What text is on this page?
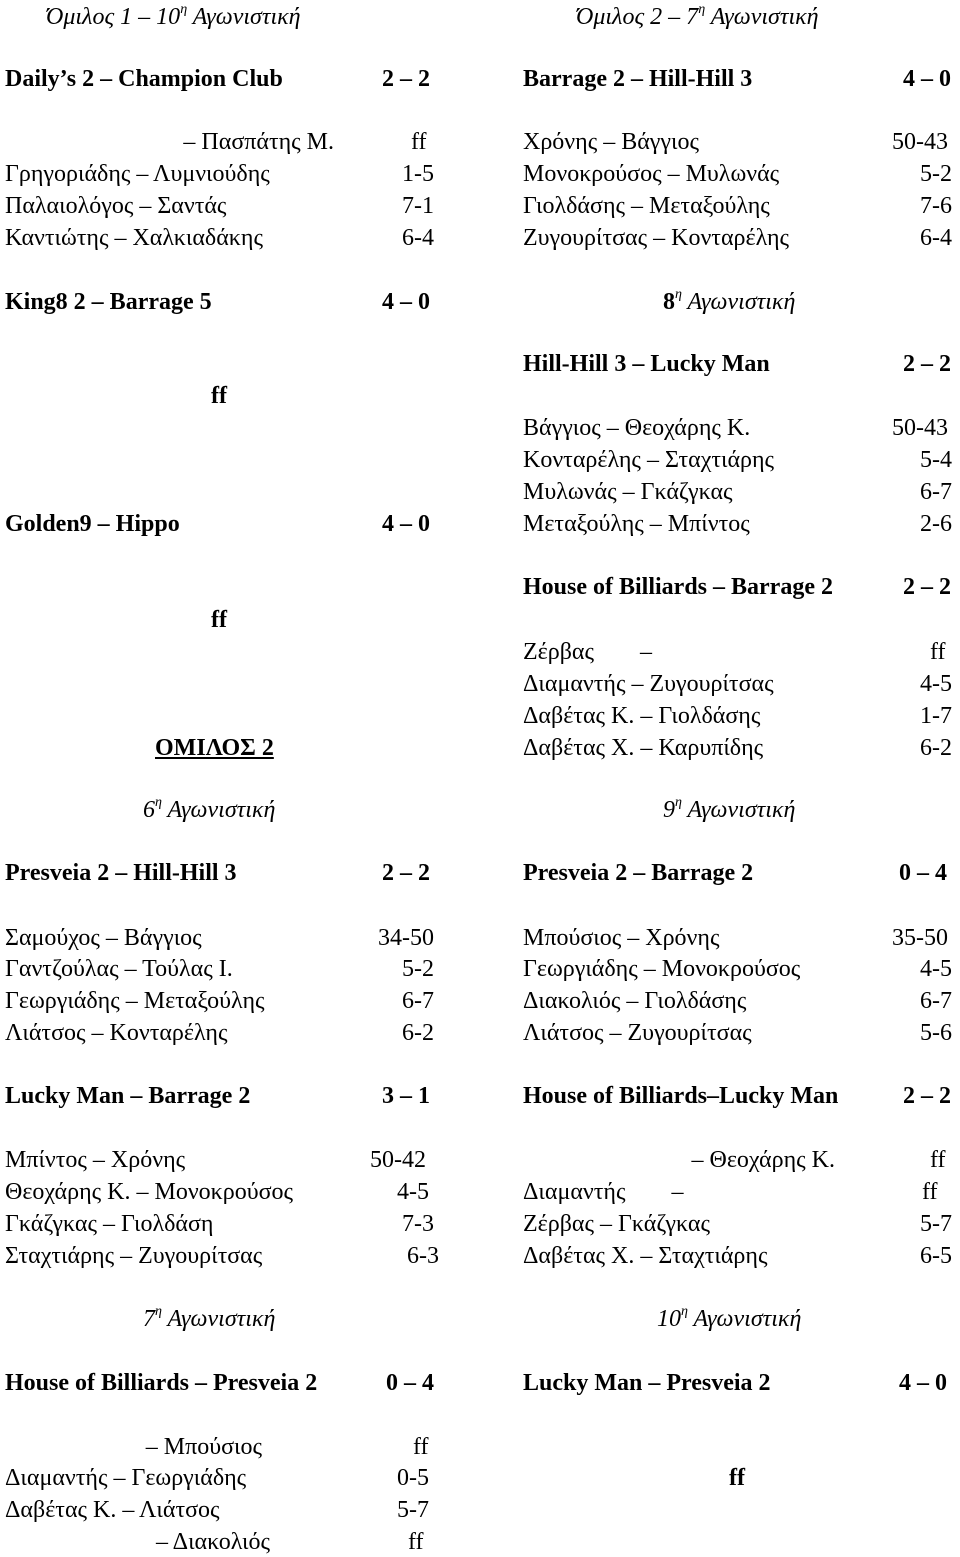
Όμιλος $1 - 10^\eta$ Αγωνιστική
Daily’s 2 – Champion Club	2 – 2
– Πασπάτης Μ.	ff
Γρηγοριάδης – Λυμνιούδης	1-5
Παλαιολόγος – Σαντάς	7-1
Καντιώτης – Χαλκιαδάκης	6-4
King8 2 – Barrage 5	4 – 0
ff
Golden9 – Hippo	4 – 0
ff
ΟΜΙΛΟΣ 2
$6^\eta$ Αγωνιστική
Presveia 2 – Hill-Hill 3	2 – 2
Σαμούχος – Βάγγιος	34-50
Γαντζούλας – Τούλας Ι.	5-2
Γεωργιάδης – Μεταξούλης	6-7
Λιάτσος – Κονταρέλης	6-2
Lucky Man – Barrage 2	3 – 1
Μπίντος – Χρόνης	50-42
Θεοχάρης Κ. – Μονοκρούσος	4-5
Γκάζγκας – Γιολδάση	7-3
Σταχτιάρης – Ζυγουρίτσας	6-3
$7^\eta$ Αγωνιστική
House of Billiards – Presveia 2	0 – 4
– Μπούσιος	ff
Διαμαντής – Γεωργιάδης	0-5
Δαβέτας Κ. – Λιάτσος	5-7
– Διακολιός	ff
Όμιλος $2 - 7^\eta$ Αγωνιστική
Barrage 2 – Hill-Hill 3	4 – 0
Χρόνης – Βάγγιος	50-43
Μονοκρούσος – Μυλωνάς	5-2
Γιολδάσης – Μεταξούλης	7-6
Ζυγουρίτσας – Κονταρέλης	6-4
$8^\eta$ Αγωνιστική
Hill-Hill 3 – Lucky Man	2 – 2
Βάγγιος – Θεοχάρης Κ.	50-43
Κονταρέλης – Σταχτιάρης	5-4
Μυλωνάς – Γκάζγκας	6-7
Μεταξούλης – Μπίντος	2-6
House of Billiards – Barrage 2	2 – 2
Ζέρβας –	ff
Διαμαντής – Ζυγουρίτσας	4-5
Δαβέτας Κ. – Γιολδάσης	1-7
Δαβέτας Χ. – Καρυπίδης	6-2
$9^\eta$ Αγωνιστική
Presveia 2 – Barrage 2	0 – 4
Μπούσιος – Χρόνης	35-50
Γεωργιάδης – Μονοκρούσος	4-5
Διακολιός – Γιολδάσης	6-7
Λιάτσος – Ζυγουρίτσας	5-6
House of Billiards–Lucky Man	2 – 2
– Θεοχάρης Κ.	ff
Διαμαντής –	ff
Ζέρβας – Γκάζγκας	5-7
Δαβέτας Χ. – Σταχτιάρης	6-5
$10^\eta$ Αγωνιστική
Lucky Man – Presveia 2	4 – 0
ff
